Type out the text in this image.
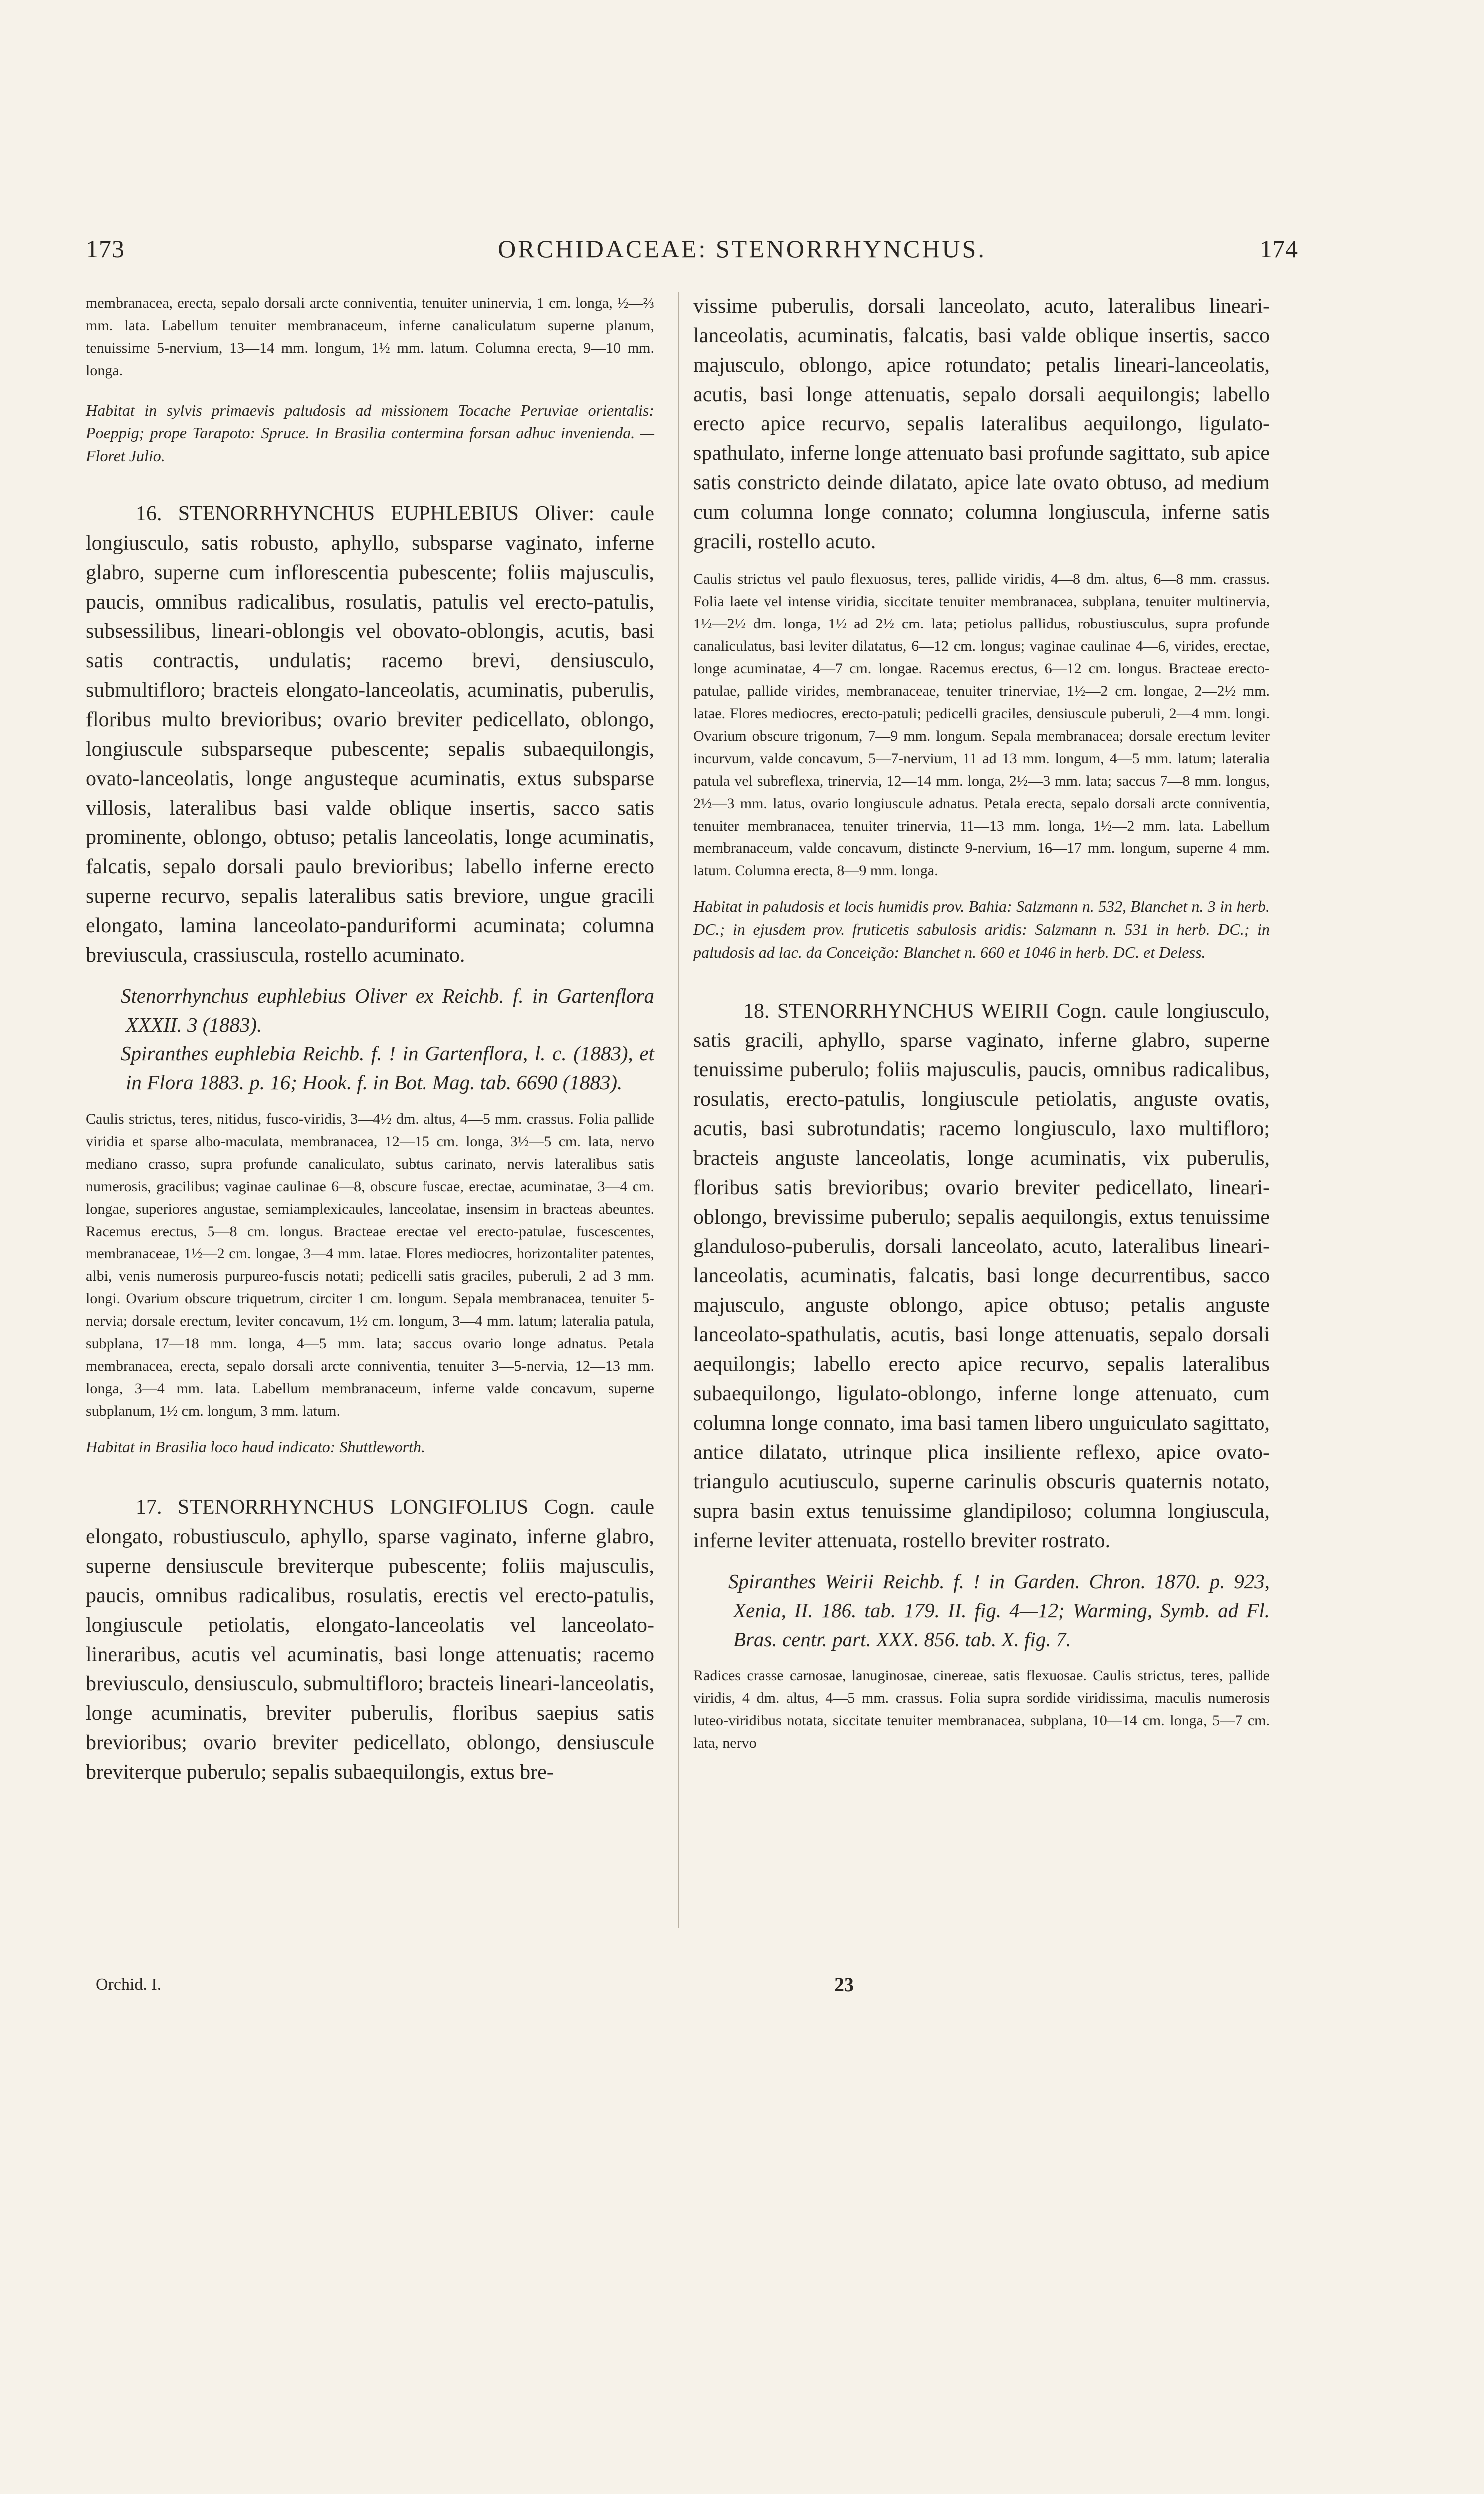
173	ORCHIDACEAE: STENORRHYNCHUS.	174

membranacea, erecta, sepalo dorsali arcte conniventia, tenuiter uninervia, 1 cm. longa, ½—⅔ mm. lata. Labellum tenuiter membranaceum, inferne canaliculatum superne planum, tenuissime 5-nervium, 13—14 mm. longum, 1½ mm. latum. Columna erecta, 9—10 mm. longa.

Habitat in sylvis primaevis paludosis ad missionem Tocache Peruviae orientalis: Poeppig; prope Tarapoto: Spruce. In Brasilia contermina forsan adhuc invenienda. — Floret Julio.

16. STENORRHYNCHUS EUPHLEBIUS Oliver: caule longiusculo, satis robusto, aphyllo, subsparse vaginato, inferne glabro, superne cum inflorescentia pubescente; foliis majusculis, paucis, omnibus radicalibus, rosulatis, patulis vel erecto-patulis, subsessilibus, lineari-oblongis vel obovato-oblongis, acutis, basi satis contractis, undulatis; racemo brevi, densiusculo, submultifloro; bracteis elongato-lanceolatis, acuminatis, puberulis, floribus multo brevioribus; ovario breviter pedicellato, oblongo, longiuscule subsparseque pubescente; sepalis subaequilongis, ovato-lanceolatis, longe angusteque acuminatis, extus subsparse villosis, lateralibus basi valde oblique insertis, sacco satis prominente, oblongo, obtuso; petalis lanceolatis, longe acuminatis, falcatis, sepalo dorsali paulo brevioribus; labello inferne erecto superne recurvo, sepalis lateralibus satis breviore, ungue gracili elongato, lamina lanceolato-panduriformi acuminata; columna breviuscula, crassiuscula, rostello acuminato.

Stenorrhynchus euphlebius Oliver ex Reichb. f. in Gartenflora XXXII. 3 (1883).

Spiranthes euphlebia Reichb. f. ! in Gartenflora, l. c. (1883), et in Flora 1883. p. 16; Hook. f. in Bot. Mag. tab. 6690 (1883).

Caulis strictus, teres, nitidus, fusco-viridis, 3—4½ dm. altus, 4—5 mm. crassus. Folia pallide viridia et sparse albo-maculata, membranacea, 12—15 cm. longa, 3½—5 cm. lata, nervo mediano crasso, supra profunde canaliculato, subtus carinato, nervis lateralibus satis numerosis, gracilibus; vaginae caulinae 6—8, obscure fuscae, erectae, acuminatae, 3—4 cm. longae, superiores angustae, semiamplexicaules, lanceolatae, insensim in bracteas abeuntes. Racemus erectus, 5—8 cm. longus. Bracteae erectae vel erecto-patulae, fuscescentes, membranaceae, 1½—2 cm. longae, 3—4 mm. latae. Flores mediocres, horizontaliter patentes, albi, venis numerosis purpureo-fuscis notati; pedicelli satis graciles, puberuli, 2 ad 3 mm. longi. Ovarium obscure triquetrum, circiter 1 cm. longum. Sepala membranacea, tenuiter 5-nervia; dorsale erectum, leviter concavum, 1½ cm. longum, 3—4 mm. latum; lateralia patula, subplana, 17—18 mm. longa, 4—5 mm. lata; saccus ovario longe adnatus. Petala membranacea, erecta, sepalo dorsali arcte conniventia, tenuiter 3—5-nervia, 12—13 mm. longa, 3—4 mm. lata. Labellum membranaceum, inferne valde concavum, superne subplanum, 1½ cm. longum, 3 mm. latum.

Habitat in Brasilia loco haud indicato: Shuttleworth.

17. STENORRHYNCHUS LONGIFOLIUS Cogn. caule elongato, robustiusculo, aphyllo, sparse vaginato, inferne glabro, superne densiuscule breviterque pubescente; foliis majusculis, paucis, omnibus radicalibus, rosulatis, erectis vel erecto-patulis, longiuscule petiolatis, elongato-lanceolatis vel lanceolato-lineraribus, acutis vel acuminatis, basi longe attenuatis; racemo breviusculo, densiusculo, submultifloro; bracteis lineari-lanceolatis, longe acuminatis, breviter puberulis, floribus saepius satis brevioribus; ovario breviter pedicellato, oblongo, densiuscule breviterque puberulo; sepalis subaequilongis, extus bre-

vissime puberulis, dorsali lanceolato, acuto, lateralibus lineari-lanceolatis, acuminatis, falcatis, basi valde oblique insertis, sacco majusculo, oblongo, apice rotundato; petalis lineari-lanceolatis, acutis, basi longe attenuatis, sepalo dorsali aequilongis; labello erecto apice recurvo, sepalis lateralibus aequilongo, ligulato-spathulato, inferne longe attenuato basi profunde sagittato, sub apice satis constricto deinde dilatato, apice late ovato obtuso, ad medium cum columna longe connato; columna longiuscula, inferne satis gracili, rostello acuto.

Caulis strictus vel paulo flexuosus, teres, pallide viridis, 4—8 dm. altus, 6—8 mm. crassus. Folia laete vel intense viridia, siccitate tenuiter membranacea, subplana, tenuiter multinervia, 1½—2½ dm. longa, 1½ ad 2½ cm. lata; petiolus pallidus, robustiusculus, supra profunde canaliculatus, basi leviter dilatatus, 6—12 cm. longus; vaginae caulinae 4—6, virides, erectae, longe acuminatae, 4—7 cm. longae. Racemus erectus, 6—12 cm. longus. Bracteae erecto-patulae, pallide virides, membranaceae, tenuiter trinerviae, 1½—2 cm. longae, 2—2½ mm. latae. Flores mediocres, erecto-patuli; pedicelli graciles, densiuscule puberuli, 2—4 mm. longi. Ovarium obscure trigonum, 7—9 mm. longum. Sepala membranacea; dorsale erectum leviter incurvum, valde concavum, 5—7-nervium, 11 ad 13 mm. longum, 4—5 mm. latum; lateralia patula vel subreflexa, trinervia, 12—14 mm. longa, 2½—3 mm. lata; saccus 7—8 mm. longus, 2½—3 mm. latus, ovario longiuscule adnatus. Petala erecta, sepalo dorsali arcte conniventia, tenuiter membranacea, tenuiter trinervia, 11—13 mm. longa, 1½—2 mm. lata. Labellum membranaceum, valde concavum, distincte 9-nervium, 16—17 mm. longum, superne 4 mm. latum. Columna erecta, 8—9 mm. longa.

Habitat in paludosis et locis humidis prov. Bahia: Salzmann n. 532, Blanchet n. 3 in herb. DC.; in ejusdem prov. fruticetis sabulosis aridis: Salzmann n. 531 in herb. DC.; in paludosis ad lac. da Conceição: Blanchet n. 660 et 1046 in herb. DC. et Deless.

18. STENORRHYNCHUS WEIRII Cogn. caule longiusculo, satis gracili, aphyllo, sparse vaginato, inferne glabro, superne tenuissime puberulo; foliis majusculis, paucis, omnibus radicalibus, rosulatis, erecto-patulis, longiuscule petiolatis, anguste ovatis, acutis, basi subrotundatis; racemo longiusculo, laxo multifloro; bracteis anguste lanceolatis, longe acuminatis, vix puberulis, floribus satis brevioribus; ovario breviter pedicellato, lineari-oblongo, brevissime puberulo; sepalis aequilongis, extus tenuissime glanduloso-puberulis, dorsali lanceolato, acuto, lateralibus lineari-lanceolatis, acuminatis, falcatis, basi longe decurrentibus, sacco majusculo, anguste oblongo, apice obtuso; petalis anguste lanceolato-spathulatis, acutis, basi longe attenuatis, sepalo dorsali aequilongis; labello erecto apice recurvo, sepalis lateralibus subaequilongo, ligulato-oblongo, inferne longe attenuato, cum columna longe connato, ima basi tamen libero unguiculato sagittato, antice dilatato, utrinque plica insiliente reflexo, apice ovato-triangulo acutiusculo, superne carinulis obscuris quaternis notato, supra basin extus tenuissime glandipiloso; columna longiuscula, inferne leviter attenuata, rostello breviter rostrato.

Spiranthes Weirii Reichb. f. ! in Garden. Chron. 1870. p. 923, Xenia, II. 186. tab. 179. II. fig. 4—12; Warming, Symb. ad Fl. Bras. centr. part. XXX. 856. tab. X. fig. 7.

Radices crasse carnosae, lanuginosae, cinereae, satis flexuosae. Caulis strictus, teres, pallide viridis, 4 dm. altus, 4—5 mm. crassus. Folia supra sordide viridissima, maculis numerosis luteo-viridibus notata, siccitate tenuiter membranacea, subplana, 10—14 cm. longa, 5—7 cm. lata, nervo

Orchid. I.	23
